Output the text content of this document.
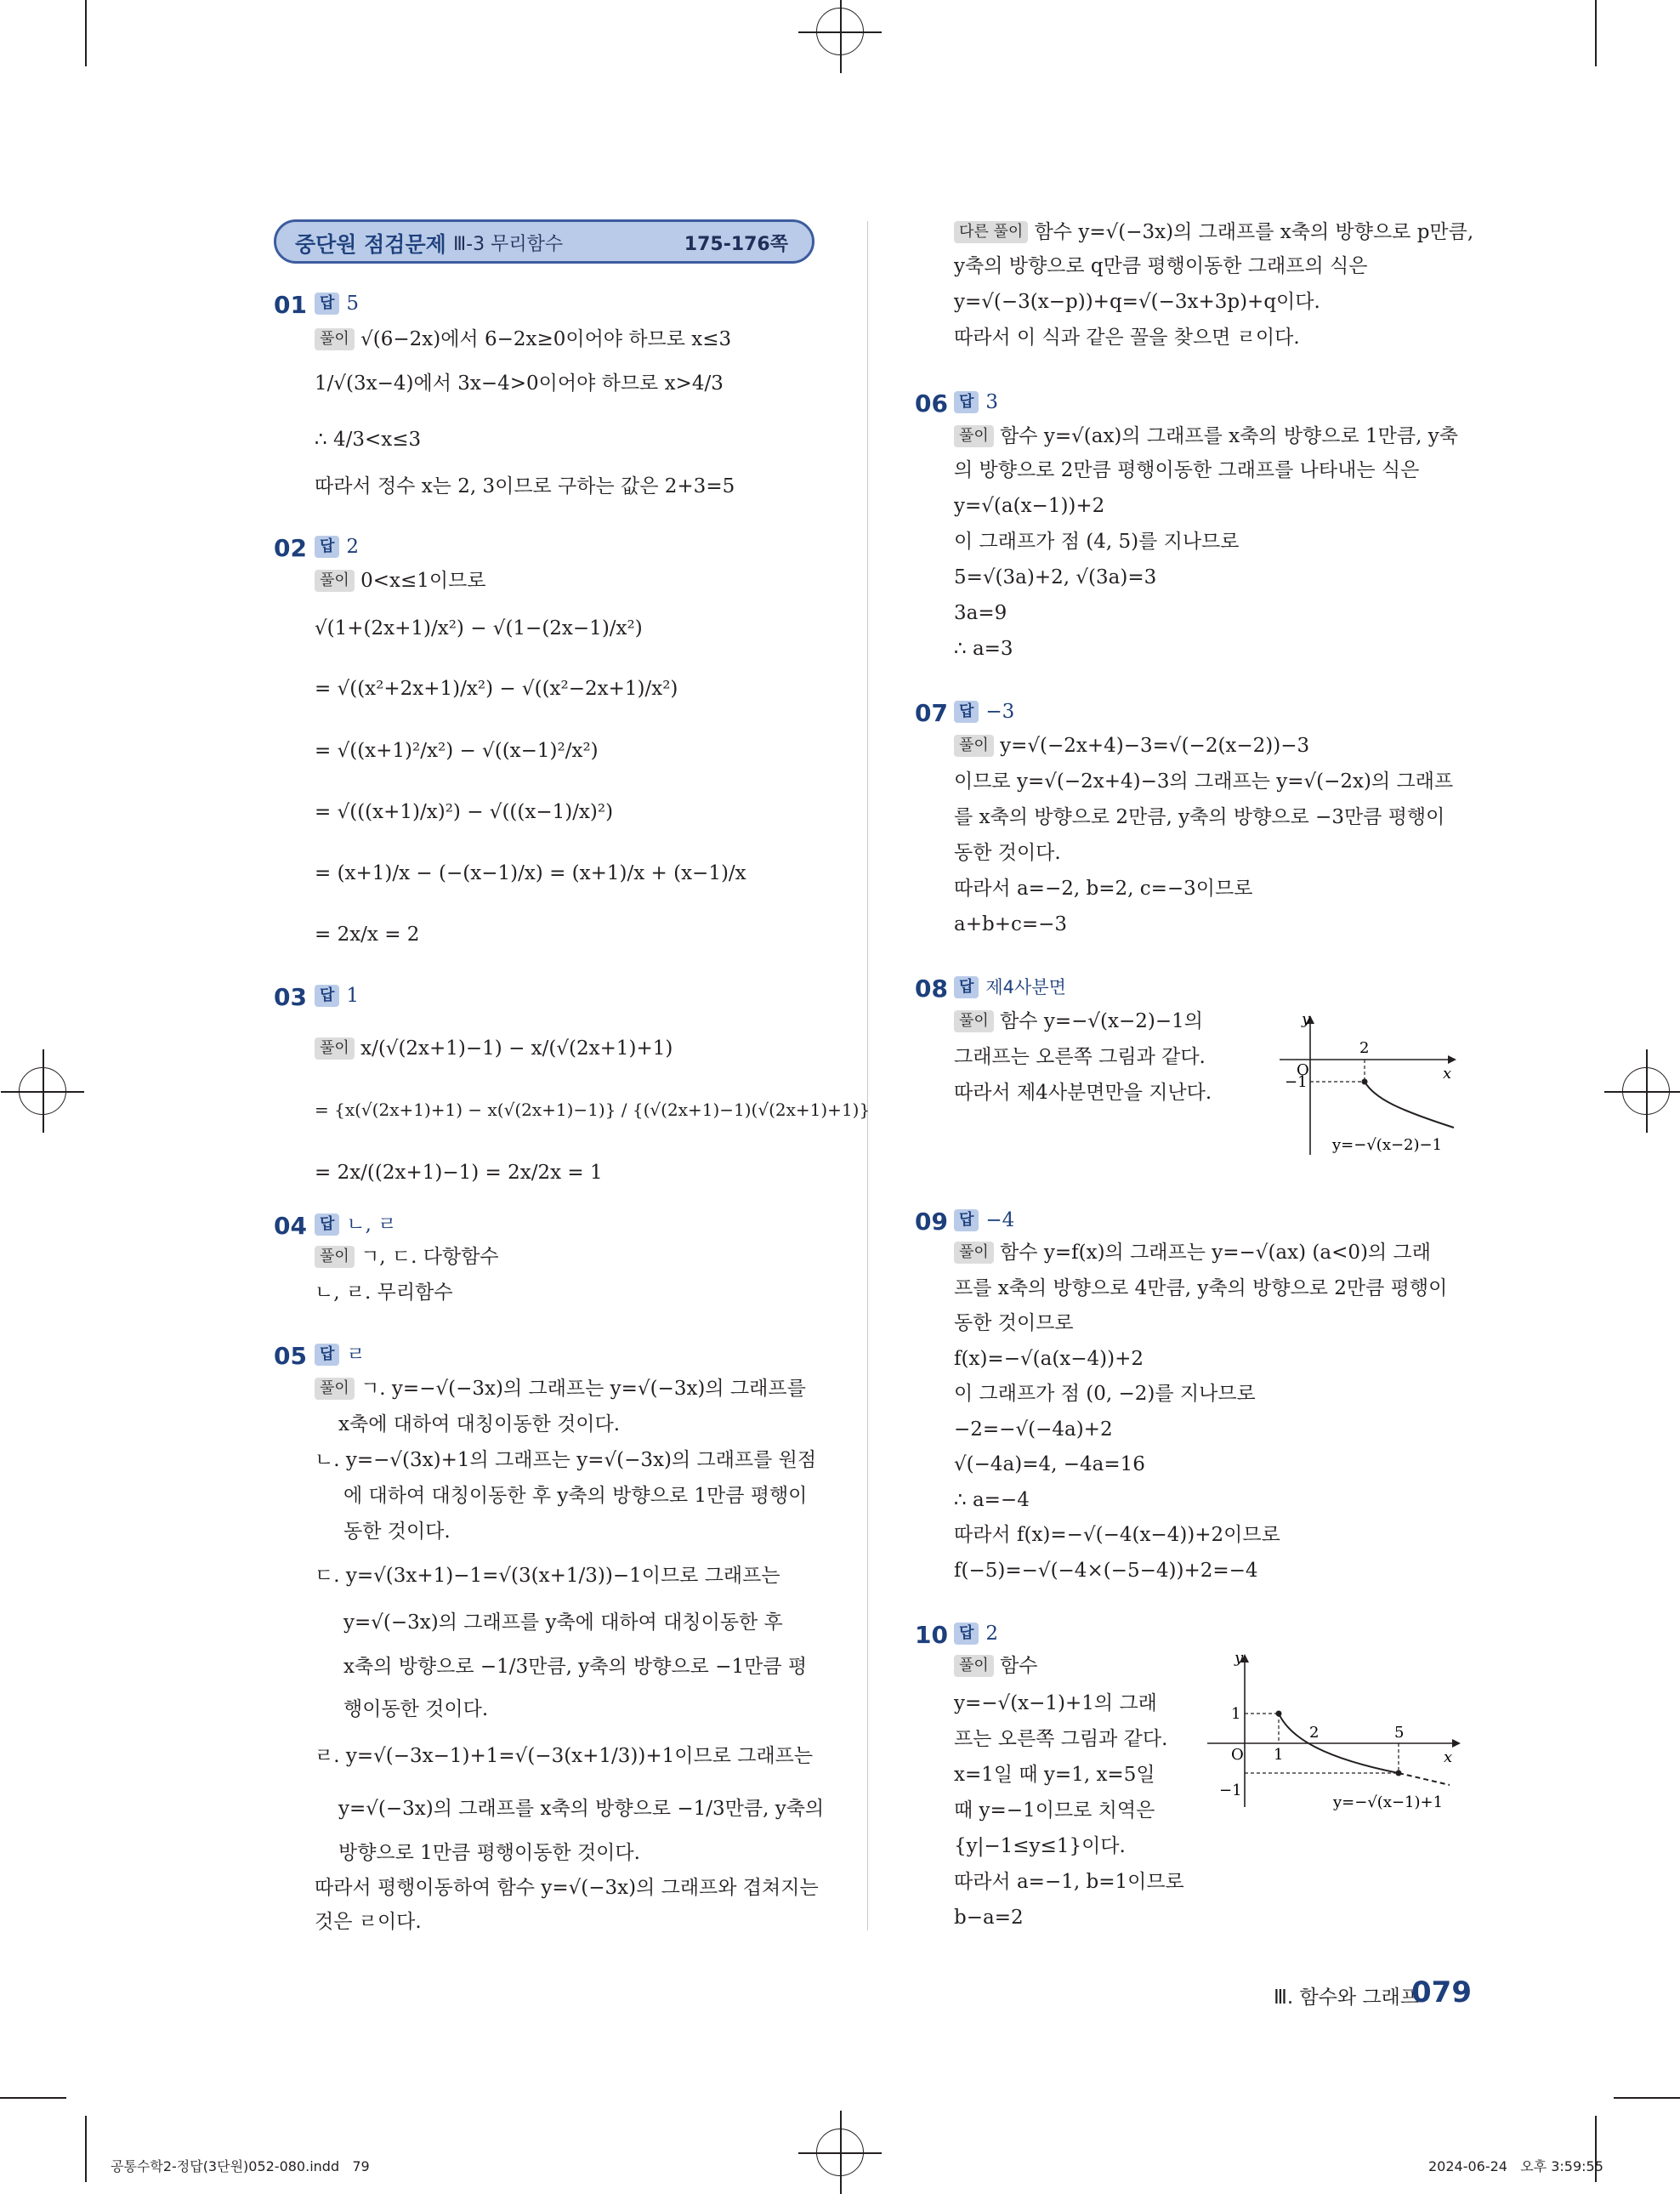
중단원 점검문제 Ⅲ-3 무리함수	175-176쪽
01 답 5
풀이 √(6−2x)에서 6−2x≥0이어야 하므로 x≤3
1/√(3x−4)에서 3x−4>0이어야 하므로 x>4/3
∴ 4/3<x≤3
따라서 정수 x는 2, 3이므로 구하는 값은 2+3=5
02 답 2
풀이 0<x≤1이므로
√(1+(2x+1)/x²) − √(1−(2x−1)/x²)
= √((x²+2x+1)/x²) − √((x²−2x+1)/x²)
= √((x+1)²/x²) − √((x−1)²/x²)
= √(((x+1)/x)²) − √(((x−1)/x)²)
= (x+1)/x − (−(x−1)/x) = (x+1)/x + (x−1)/x
= 2x/x = 2
03 답 1
풀이 x/(√(2x+1)−1) − x/(√(2x+1)+1)
= {x(√(2x+1)+1) − x(√(2x+1)−1)} / {(√(2x+1)−1)(√(2x+1)+1)}
= 2x/((2x+1)−1) = 2x/2x = 1
04 답 ㄴ, ㄹ
풀이 ㄱ, ㄷ. 다항함수
ㄴ, ㄹ. 무리함수
05 답 ㄹ
풀이 ㄱ. y=−√(−3x)의 그래프는 y=√(−3x)의 그래프를
x축에 대하여 대칭이동한 것이다.
ㄴ. y=−√(3x)+1의 그래프는 y=√(−3x)의 그래프를 원점
에 대하여 대칭이동한 후 y축의 방향으로 1만큼 평행이
동한 것이다.
ㄷ. y=√(3x+1)−1=√(3(x+1/3))−1이므로 그래프는
y=√(−3x)의 그래프를 y축에 대하여 대칭이동한 후
x축의 방향으로 −1/3만큼, y축의 방향으로 −1만큼 평
행이동한 것이다.
ㄹ. y=√(−3x−1)+1=√(−3(x+1/3))+1이므로 그래프는
y=√(−3x)의 그래프를 x축의 방향으로 −1/3만큼, y축의
방향으로 1만큼 평행이동한 것이다.
따라서 평행이동하여 함수 y=√(−3x)의 그래프와 겹쳐지는
것은 ㄹ이다.
다른 풀이 함수 y=√(−3x)의 그래프를 x축의 방향으로 p만큼,
y축의 방향으로 q만큼 평행이동한 그래프의 식은
y=√(−3(x−p))+q=√(−3x+3p)+q이다.
따라서 이 식과 같은 꼴을 찾으면 ㄹ이다.
06 답 3
풀이 함수 y=√(ax)의 그래프를 x축의 방향으로 1만큼, y축
의 방향으로 2만큼 평행이동한 그래프를 나타내는 식은
y=√(a(x−1))+2
이 그래프가 점 (4, 5)를 지나므로
5=√(3a)+2, √(3a)=3
3a=9
∴ a=3
07 답 −3
풀이 y=√(−2x+4)−3=√(−2(x−2))−3
이므로 y=√(−2x+4)−3의 그래프는 y=√(−2x)의 그래프
를 x축의 방향으로 2만큼, y축의 방향으로 −3만큼 평행이
동한 것이다.
따라서 a=−2, b=2, c=−3이므로
a+b+c=−3
08 답 제4사분면
풀이 함수 y=−√(x−2)−1의
그래프는 오른쪽 그림과 같다.
따라서 제4사분면만을 지난다.
y
x
O
2
−1
y=−√(x−2)−1
09 답 −4
풀이 함수 y=f(x)의 그래프는 y=−√(ax) (a<0)의 그래
프를 x축의 방향으로 4만큼, y축의 방향으로 2만큼 평행이
동한 것이므로
f(x)=−√(a(x−4))+2
이 그래프가 점 (0, −2)를 지나므로
−2=−√(−4a)+2
√(−4a)=4, −4a=16
∴ a=−4
따라서 f(x)=−√(−4(x−4))+2이므로
f(−5)=−√(−4×(−5−4))+2=−4
10 답 2
풀이 함수
y=−√(x−1)+1의 그래
프는 오른쪽 그림과 같다.
x=1일 때 y=1, x=5일
때 y=−1이므로 치역은
{y|−1≤y≤1}이다.
따라서 a=−1, b=1이므로
b−a=2
y
x
O 1
2	5
1
−1
y=−√(x−1)+1
Ⅲ. 함수와 그래프
079
공통수학2-정답(3단원)052-080.indd   79	2024-06-24   오후 3:59:55
